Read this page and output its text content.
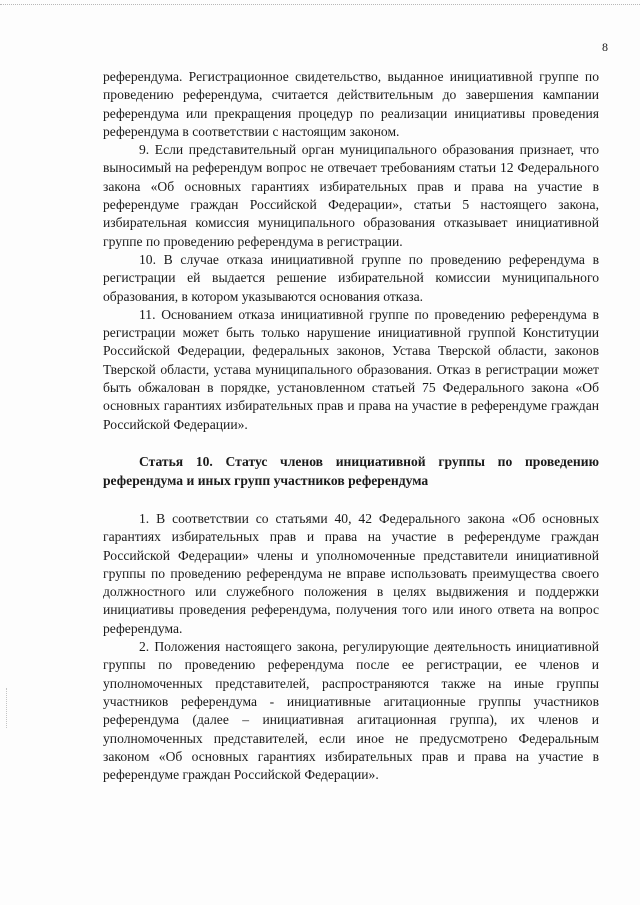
8

референдума. Регистрационное свидетельство, выданное инициативной группе по проведению референдума, считается действительным до завершения кампании референдума или прекращения процедур по реализации инициативы проведения референдума в соответствии с настоящим законом.

9. Если представительный орган муниципального образования признает, что выносимый на референдум вопрос не отвечает требованиям статьи 12 Федерального закона «Об основных гарантиях избирательных прав и права на участие в референдуме граждан Российской Федерации», статьи 5 настоящего закона, избирательная комиссия муниципального образования отказывает инициативной группе по проведению референдума в регистрации.

10. В случае отказа инициативной группе по проведению референдума в регистрации ей выдается решение избирательной комиссии муниципального образования, в котором указываются основания отказа.

11. Основанием отказа инициативной группе по проведению референдума в регистрации может быть только нарушение инициативной группой Конституции Российской Федерации, федеральных законов, Устава Тверской области, законов Тверской области, устава муниципального образования. Отказ в регистрации может быть обжалован в порядке, установленном статьей 75 Федерального закона «Об основных гарантиях избирательных прав и права на участие в референдуме граждан Российской Федерации».

Статья 10. Статус членов инициативной группы по проведению референдума и иных групп участников референдума

1. В соответствии со статьями 40, 42 Федерального закона «Об основных гарантиях избирательных прав и права на участие в референдуме граждан Российской Федерации» члены и уполномоченные представители инициативной группы по проведению референдума не вправе использовать преимущества своего должностного или служебного положения в целях выдвижения и поддержки инициативы проведения референдума, получения того или иного ответа на вопрос референдума.

2. Положения настоящего закона, регулирующие деятельность инициативной группы по проведению референдума после ее регистрации, ее членов и уполномоченных представителей, распространяются также на иные группы участников референдума - инициативные агитационные группы участников референдума (далее – инициативная агитационная группа), их членов и уполномоченных представителей, если иное не предусмотрено Федеральным законом «Об основных гарантиях избирательных прав и права на участие в референдуме граждан Российской Федерации».
